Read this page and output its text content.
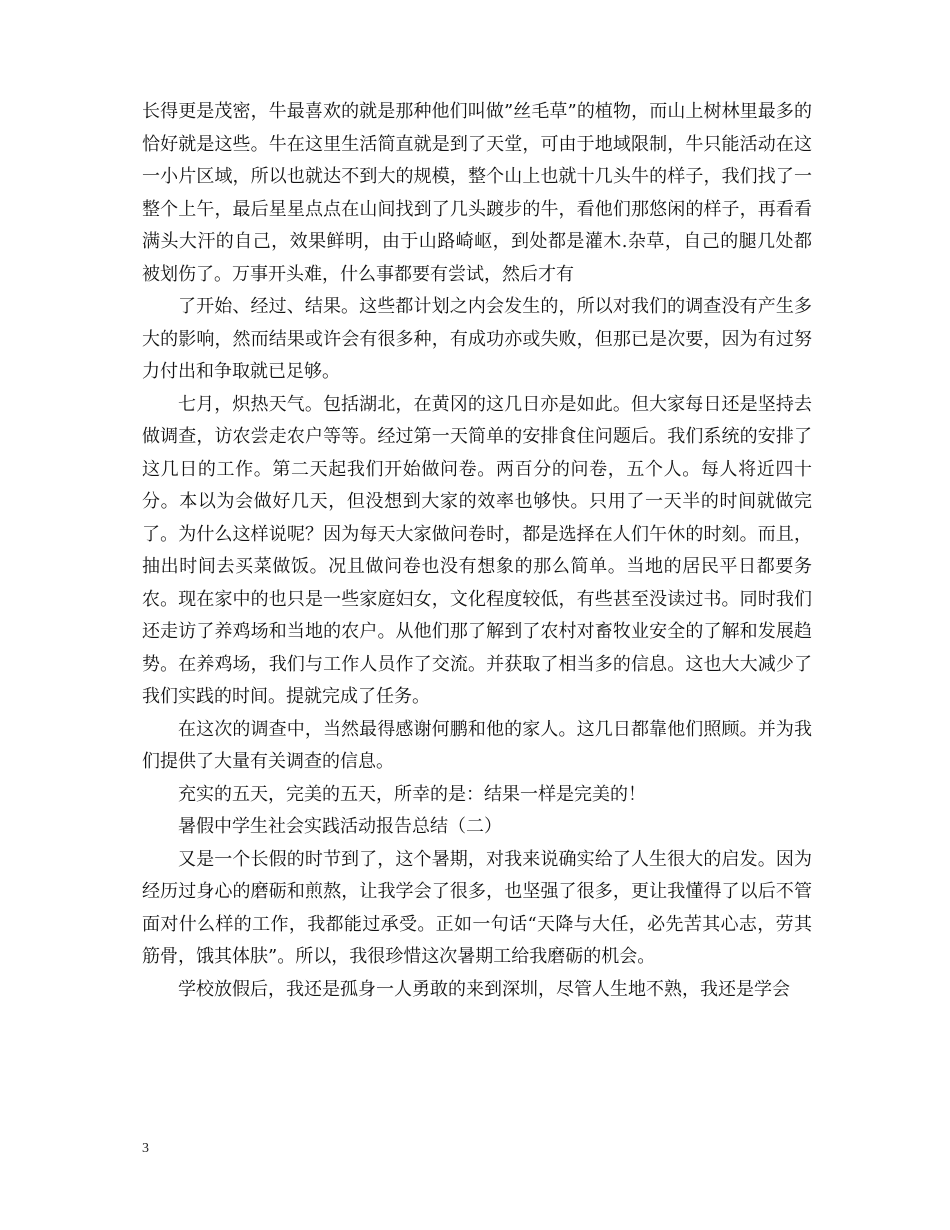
长得更是茂密，牛最喜欢的就是那种他们叫做”丝毛草”的植物，而山上树林里最多的恰好就是这些。牛在这里生活简直就是到了天堂，可由于地域限制，牛只能活动在这一小片区域，所以也就达不到大的规模，整个山上也就十几头牛的样子，我们找了一整个上午，最后星星点点在山间找到了几头踱步的牛，看他们那悠闲的样子，再看看满头大汗的自己，效果鲜明，由于山路崎岖，到处都是灌木.杂草，自己的腿几处都被划伤了。万事开头难，什么事都要有尝试，然后才有

了开始、经过、结果。这些都计划之内会发生的，所以对我们的调查没有产生多大的影响，然而结果或许会有很多种，有成功亦或失败，但那已是次要，因为有过努力付出和争取就已足够。

七月，炽热天气。包括湖北，在黄冈的这几日亦是如此。但大家每日还是坚持去做调查，访农尝走农户等等。经过第一天简单的安排食住问题后。我们系统的安排了这几日的工作。第二天起我们开始做问卷。两百分的问卷，五个人。每人将近四十分。本以为会做好几天，但没想到大家的效率也够快。只用了一天半的时间就做完了。为什么这样说呢？因为每天大家做问卷时，都是选择在人们午休的时刻。而且，抽出时间去买菜做饭。况且做问卷也没有想象的那么简单。当地的居民平日都要务农。现在家中的也只是一些家庭妇女，文化程度较低，有些甚至没读过书。同时我们还走访了养鸡场和当地的农户。从他们那了解到了农村对畜牧业安全的了解和发展趋势。在养鸡场，我们与工作人员作了交流。并获取了相当多的信息。这也大大减少了我们实践的时间。提就完成了任务。

在这次的调查中，当然最得感谢何鹏和他的家人。这几日都靠他们照顾。并为我们提供了大量有关调查的信息。

充实的五天，完美的五天，所幸的是：结果一样是完美的！

暑假中学生社会实践活动报告总结（二）

又是一个长假的时节到了，这个暑期，对我来说确实给了人生很大的启发。因为经历过身心的磨砺和煎熬，让我学会了很多，也坚强了很多，更让我懂得了以后不管面对什么样的工作，我都能过承受。正如一句话“天降与大任，必先苦其心志，劳其筋骨，饿其体肤”。所以，我很珍惜这次暑期工给我磨砺的机会。

学校放假后，我还是孤身一人勇敢的来到深圳，尽管人生地不熟，我还是学会

3
